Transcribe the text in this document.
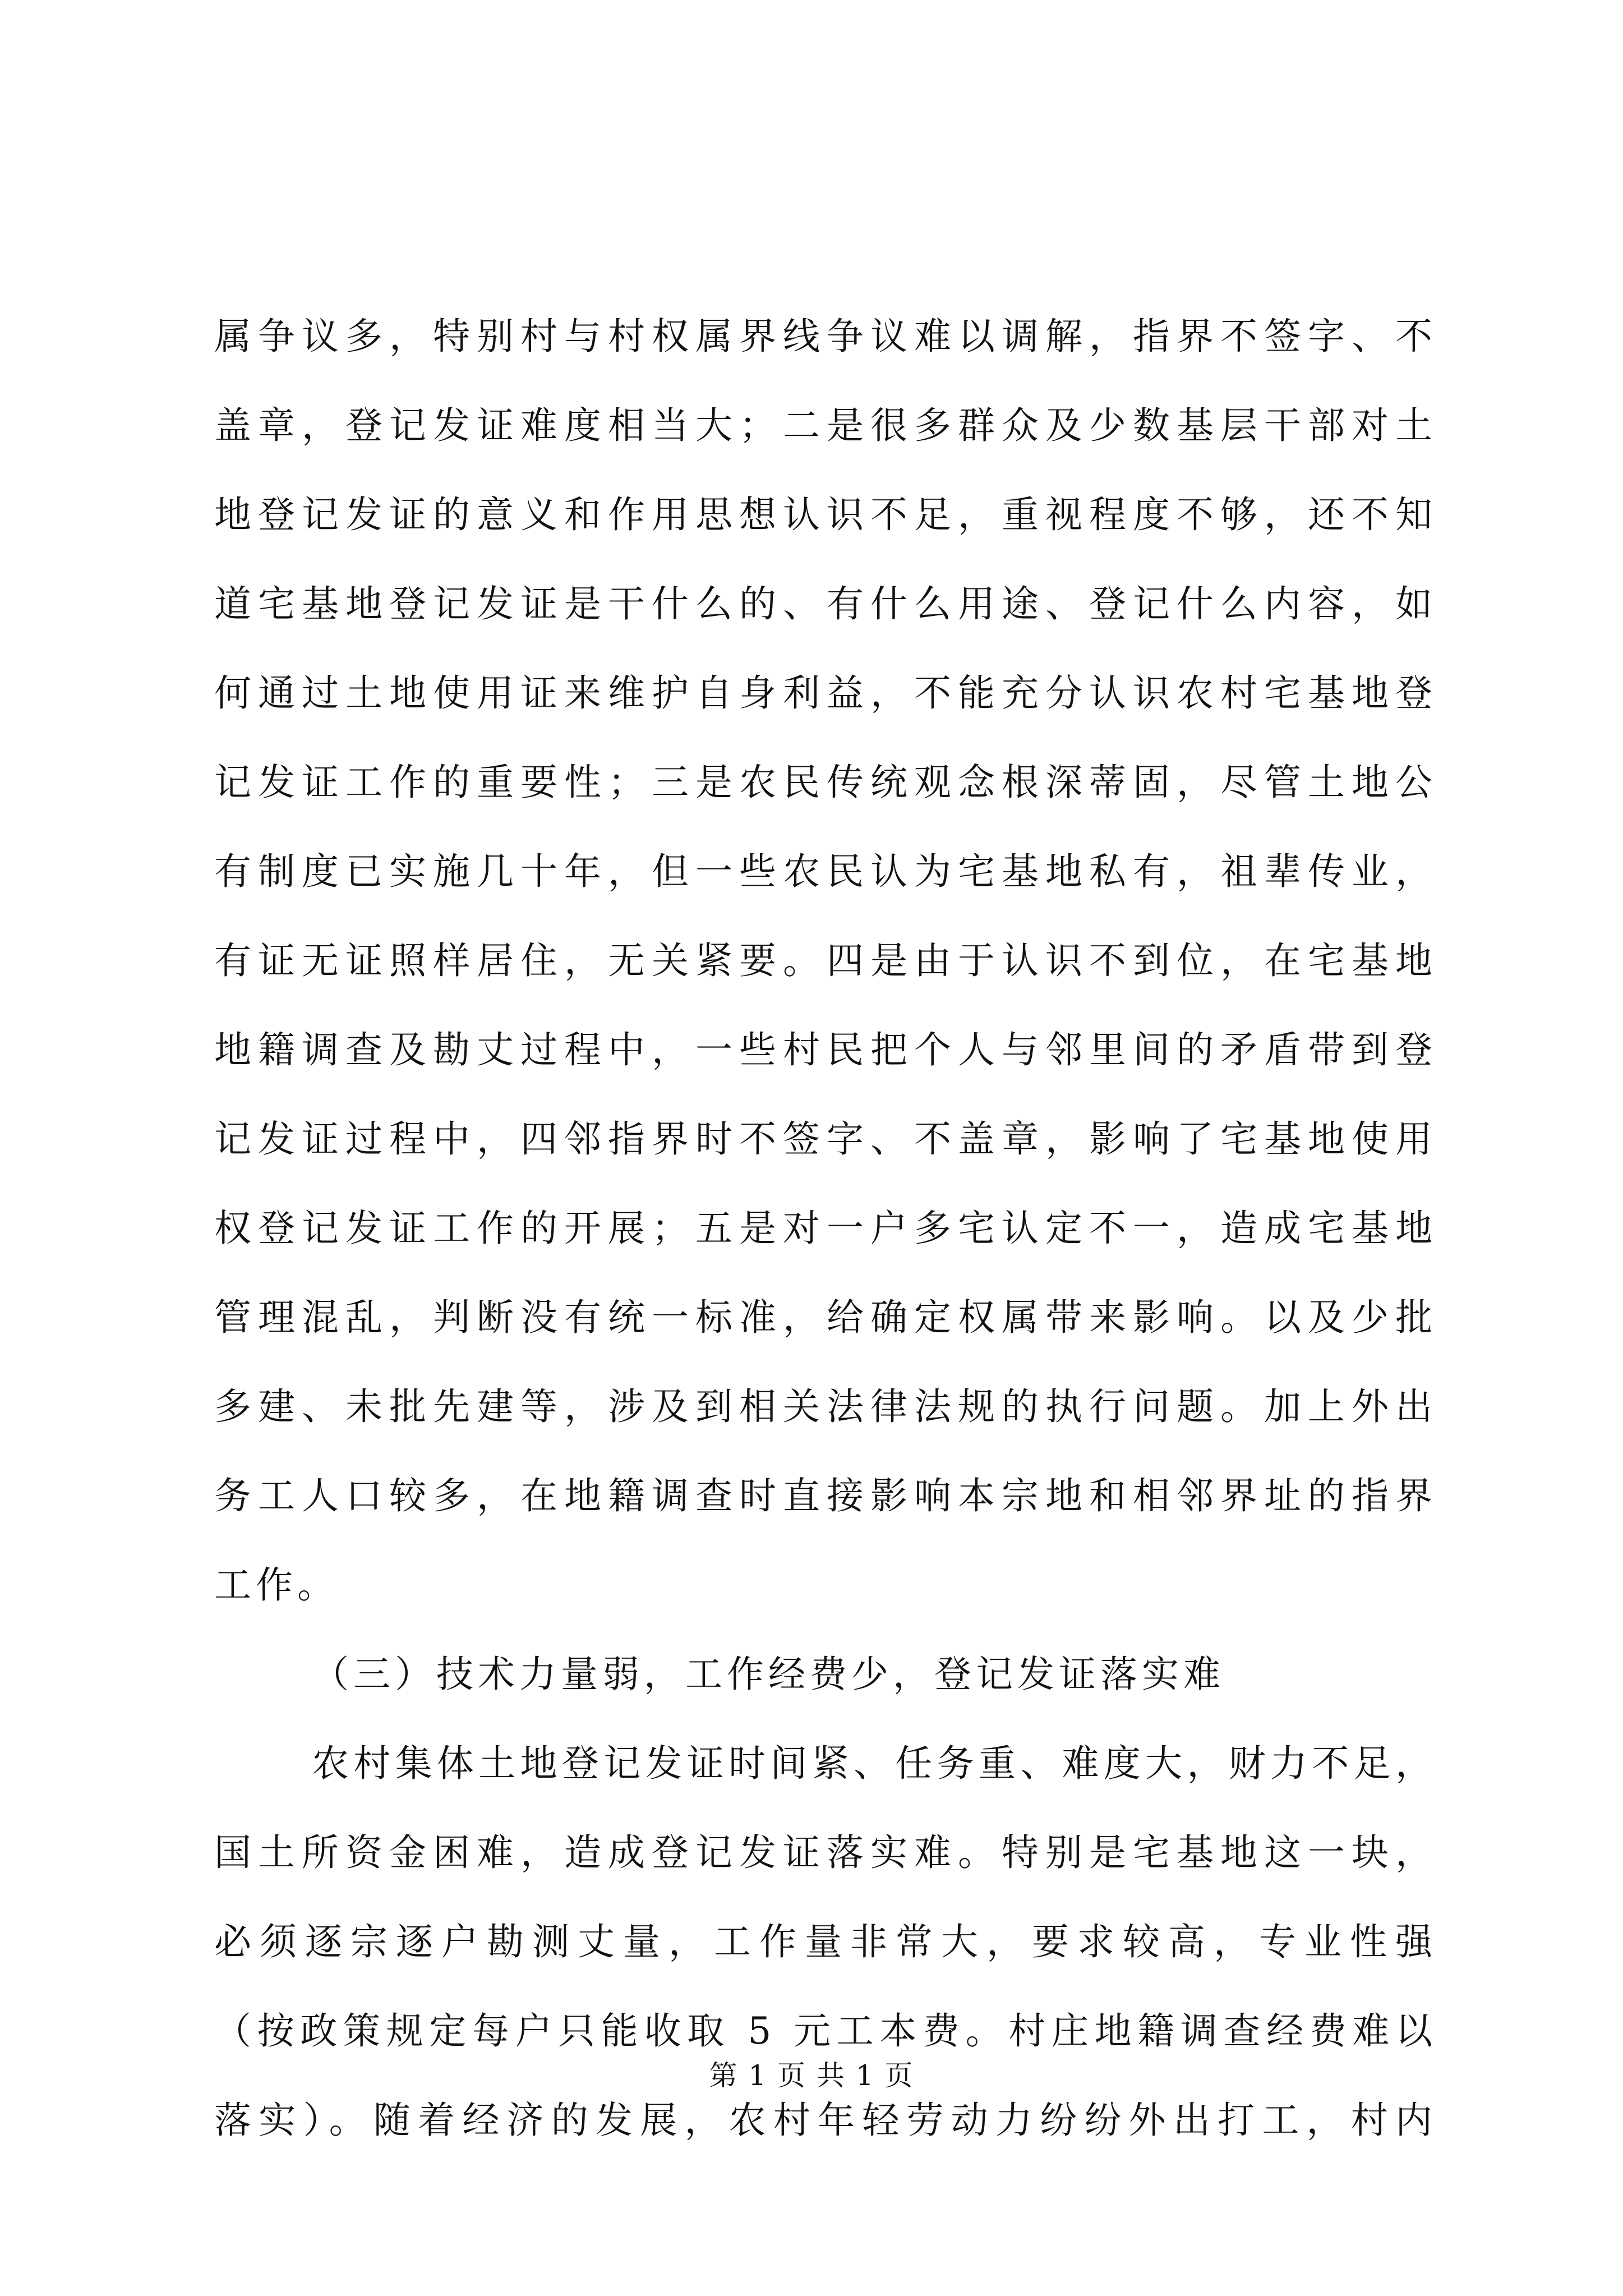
属争议多，特别村与村权属界线争议难以调解，指界不签字、不
盖章，登记发证难度相当大；二是很多群众及少数基层干部对土
地登记发证的意义和作用思想认识不足，重视程度不够，还不知
道宅基地登记发证是干什么的、有什么用途、登记什么内容，如
何通过土地使用证来维护自身利益，不能充分认识农村宅基地登
记发证工作的重要性；三是农民传统观念根深蒂固，尽管土地公
有制度已实施几十年，但一些农民认为宅基地私有，祖辈传业，
有证无证照样居住，无关紧要。四是由于认识不到位，在宅基地
地籍调查及勘丈过程中，一些村民把个人与邻里间的矛盾带到登
记发证过程中，四邻指界时不签字、不盖章，影响了宅基地使用
权登记发证工作的开展；五是对一户多宅认定不一，造成宅基地
管理混乱，判断没有统一标准，给确定权属带来影响。以及少批
多建、未批先建等，涉及到相关法律法规的执行问题。加上外出
务工人口较多，在地籍调查时直接影响本宗地和相邻界址的指界
工作。
（三）技术力量弱，工作经费少，登记发证落实难
农村集体土地登记发证时间紧、任务重、难度大，财力不足，
国土所资金困难，造成登记发证落实难。特别是宅基地这一块，
必须逐宗逐户勘测丈量，工作量非常大，要求较高，专业性强
（按政策规定每户只能收取 5 元工本费。村庄地籍调查经费难以
落实）。随着经济的发展，农村年轻劳动力纷纷外出打工，村内
第 1 页 共 1 页
